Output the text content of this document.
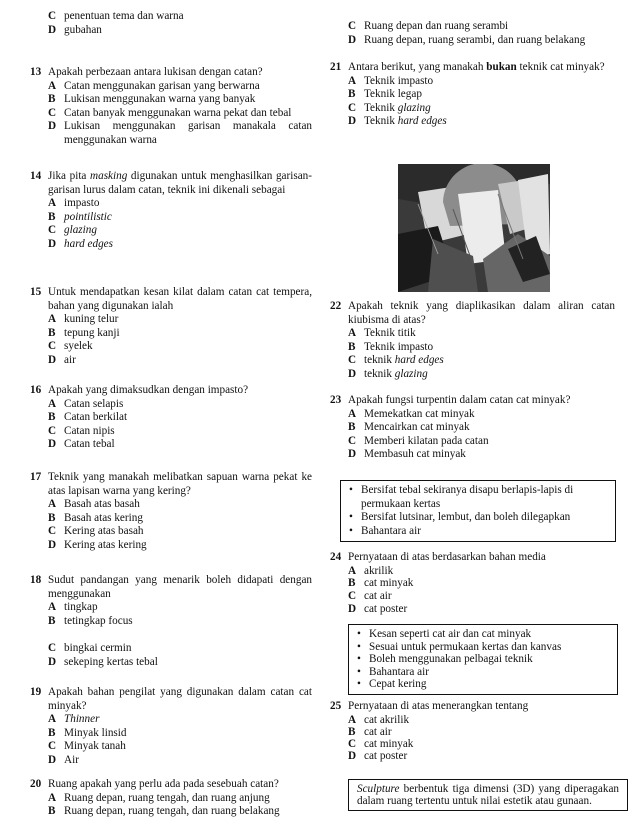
C penentuan tema dan warna
D gubahan
13 Apakah perbezaan antara lukisan dengan catan?
A Catan menggunakan garisan yang berwarna
B Lukisan menggunakan warna yang banyak
C Catan banyak menggunakan warna pekat dan tebal
D Lukisan menggunakan garisan manakala catan menggunakan warna
14 Jika pita masking digunakan untuk menghasilkan garisan-garisan lurus dalam catan, teknik ini dikenali sebagai
A impasto
B pointilistic
C glazing
D hard edges
15 Untuk mendapatkan kesan kilat dalam catan cat tempera, bahan yang digunakan ialah
A kuning telur
B tepung kanji
C syelek
D air
16 Apakah yang dimaksudkan dengan impasto?
A Catan selapis
B Catan berkilat
C Catan nipis
D Catan tebal
17 Teknik yang manakah melibatkan sapuan warna pekat ke atas lapisan warna yang kering?
A Basah atas basah
B Basah atas kering
C Kering atas basah
D Kering atas kering
18 Sudut pandangan yang menarik boleh didapati dengan menggunakan
A tingkap
B tetingkap focus
C bingkai cermin
D sekeping kertas tebal
19 Apakah bahan pengilat yang digunakan dalam catan cat minyak?
A Thinner
B Minyak linsid
C Minyak tanah
D Air
20 Ruang apakah yang perlu ada pada sesebuah catan?
A Ruang depan, ruang tengah, dan ruang anjung
B Ruang depan, ruang tengah, dan ruang belakang
C Ruang depan dan ruang serambi
D Ruang depan, ruang serambi, dan ruang belakang
21 Antara berikut, yang manakah bukan teknik cat minyak?
A Teknik impasto
B Teknik legap
C Teknik glazing
D Teknik hard edges
22 Apakah teknik yang diaplikasikan dalam aliran catan kiubisma di atas?
A Teknik titik
B Teknik impasto
C teknik hard edges
D teknik glazing
23 Apakah fungsi turpentin dalam catan cat minyak?
A Memekatkan cat minyak
B Mencairkan cat minyak
C Memberi kilatan pada catan
D Membasuh cat minyak
• Bersifat tebal sekiranya disapu berlapis-lapis di permukaan kertas
• Bersifat lutsinar, lembut, dan boleh dilegapkan
• Bahantara air
24 Pernyataan di atas berdasarkan bahan media
A akrilik
B cat minyak
C cat air
D cat poster
• Kesan seperti cat air dan cat minyak
• Sesuai untuk permukaan kertas dan kanvas
• Boleh menggunakan pelbagai teknik
• Bahantara air
• Cepat kering
25 Pernyataan di atas menerangkan tentang
A cat akrilik
B cat air
C cat minyak
D cat poster
Sculpture berbentuk tiga dimensi (3D) yang diperagakan dalam ruang tertentu untuk nilai estetik atau gunaan.
